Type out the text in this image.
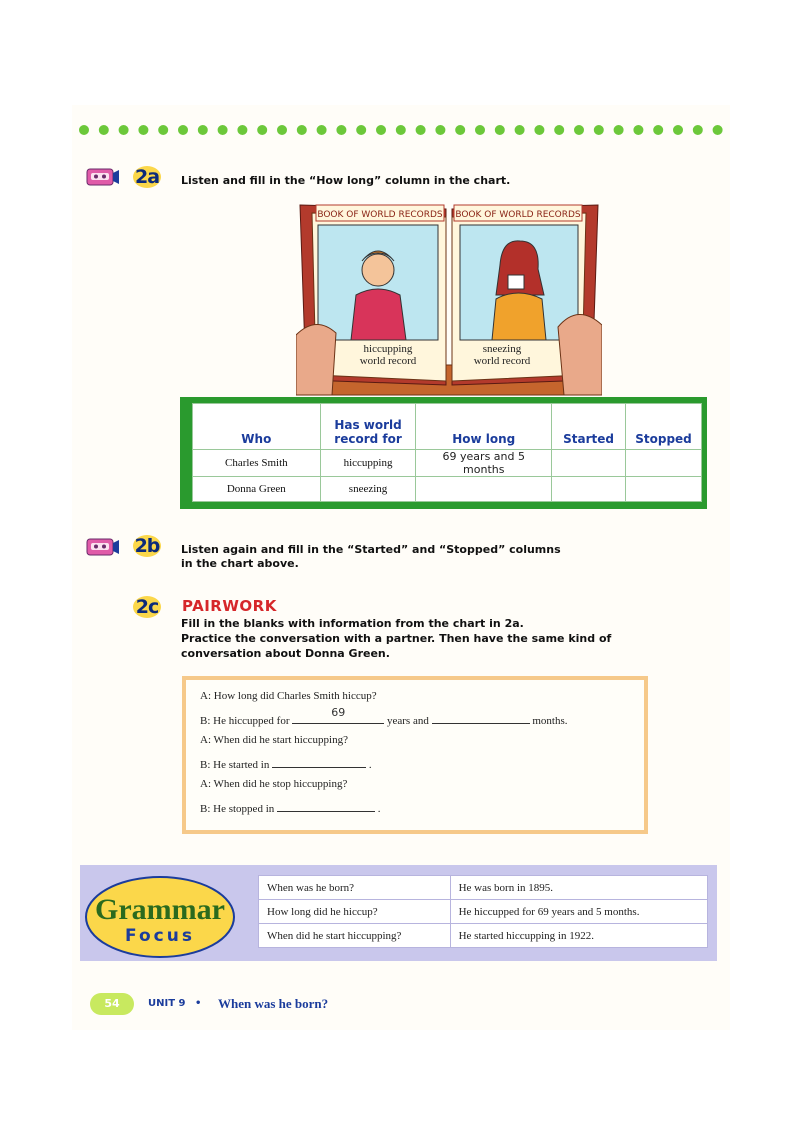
2a Listen and fill in the “How long” column in the chart.
BOOK OF WORLD RECORDS BOOK OF WORLD RECORDS
hiccupping
world record
sneezing
world record
Who	Has world record for	How long	Started	Stopped
Charles Smith	hiccupping	69 years and 5 months		
Donna Green	sneezing			
2b Listen again and fill in the “Started” and “Stopped” columns
in the chart above.
2c PAIRWORK
Fill in the blanks with information from the chart in 2a.
Practice the conversation with a partner. Then have the same kind of
conversation about Donna Green.
A: How long did Charles Smith hiccup?
B: He hiccupped for
69
years and	months.
A: When did he start hiccupping?
B: He started in	.
A: When did he stop hiccupping?
B: He stopped in	.
Grammar
Focus
When was he born?	He was born in 1895.
How long did he hiccup?	He hiccupped for 69 years and 5 months.
When did he start hiccupping?	He started hiccupping in 1922.
54	UNIT 9 • When was he born?
